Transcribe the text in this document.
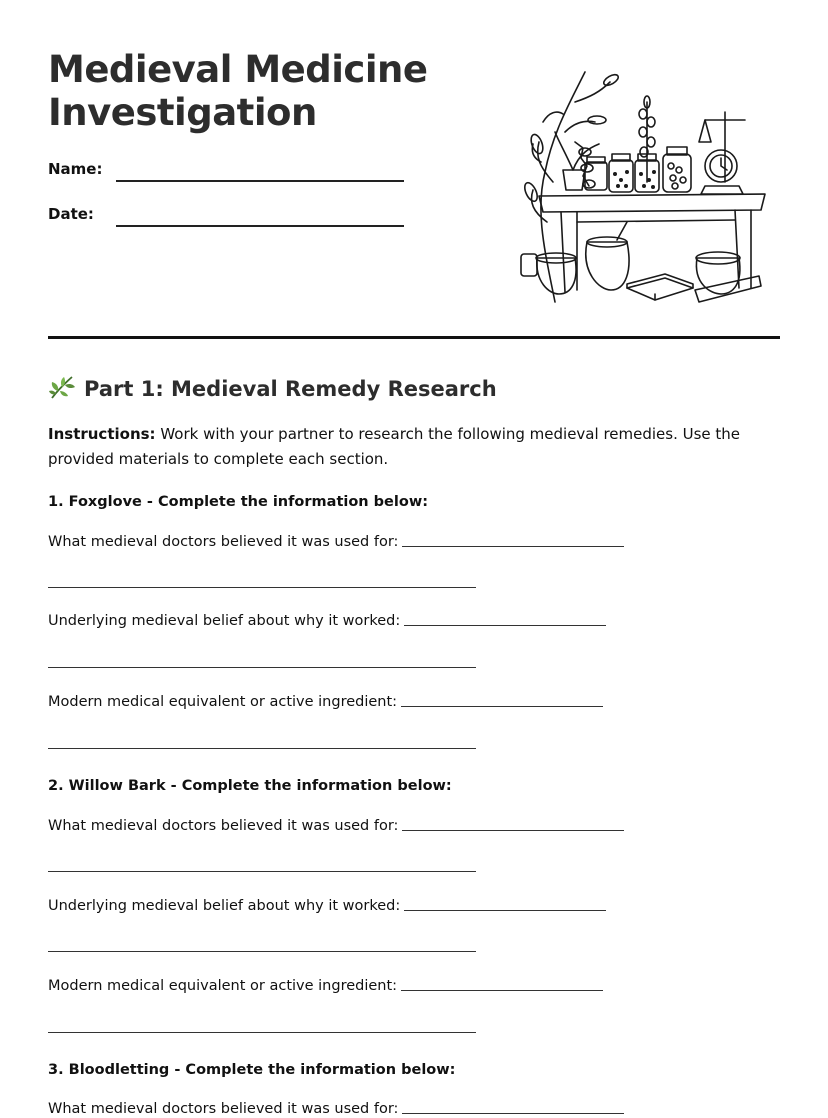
Medieval Medicine Investigation
Name:
Date:
Part 1: Medieval Remedy Research
Instructions: Work with your partner to research the following medieval remedies. Use the provided materials to complete each section.
1. Foxglove - Complete the information below:
What medieval doctors believed it was used for:
Underlying medieval belief about why it worked:
Modern medical equivalent or active ingredient:
2. Willow Bark - Complete the information below:
What medieval doctors believed it was used for:
Underlying medieval belief about why it worked:
Modern medical equivalent or active ingredient:
3. Bloodletting - Complete the information below:
What medieval doctors believed it was used for:
